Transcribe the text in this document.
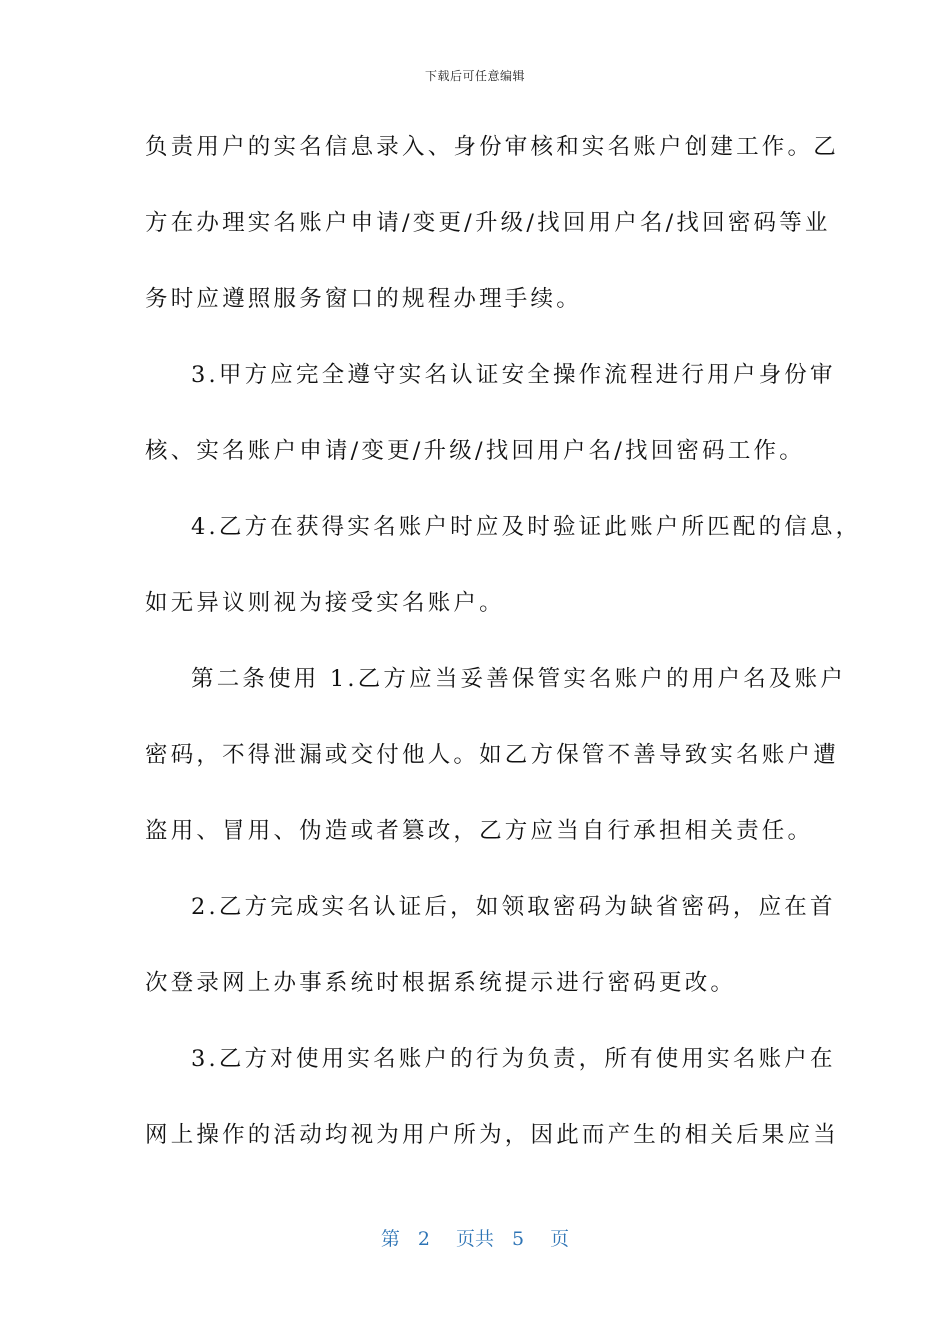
下载后可任意编辑
负责用户的实名信息录入、身份审核和实名账户创建工作。乙
方在办理实名账户申请/变更/升级/找回用户名/找回密码等业
务时应遵照服务窗口的规程办理手续。
3.甲方应完全遵守实名认证安全操作流程进行用户身份审
核、实名账户申请/变更/升级/找回用户名/找回密码工作。
4.乙方在获得实名账户时应及时验证此账户所匹配的信息，
如无异议则视为接受实名账户。
第二条使用 1.乙方应当妥善保管实名账户的用户名及账户
密码，不得泄漏或交付他人。如乙方保管不善导致实名账户遭
盗用、冒用、伪造或者篡改，乙方应当自行承担相关责任。
2.乙方完成实名认证后，如领取密码为缺省密码，应在首
次登录网上办事系统时根据系统提示进行密码更改。
3.乙方对使用实名账户的行为负责，所有使用实名账户在
网上操作的活动均视为用户所为，因此而产生的相关后果应当
第 2 页共 5 页
